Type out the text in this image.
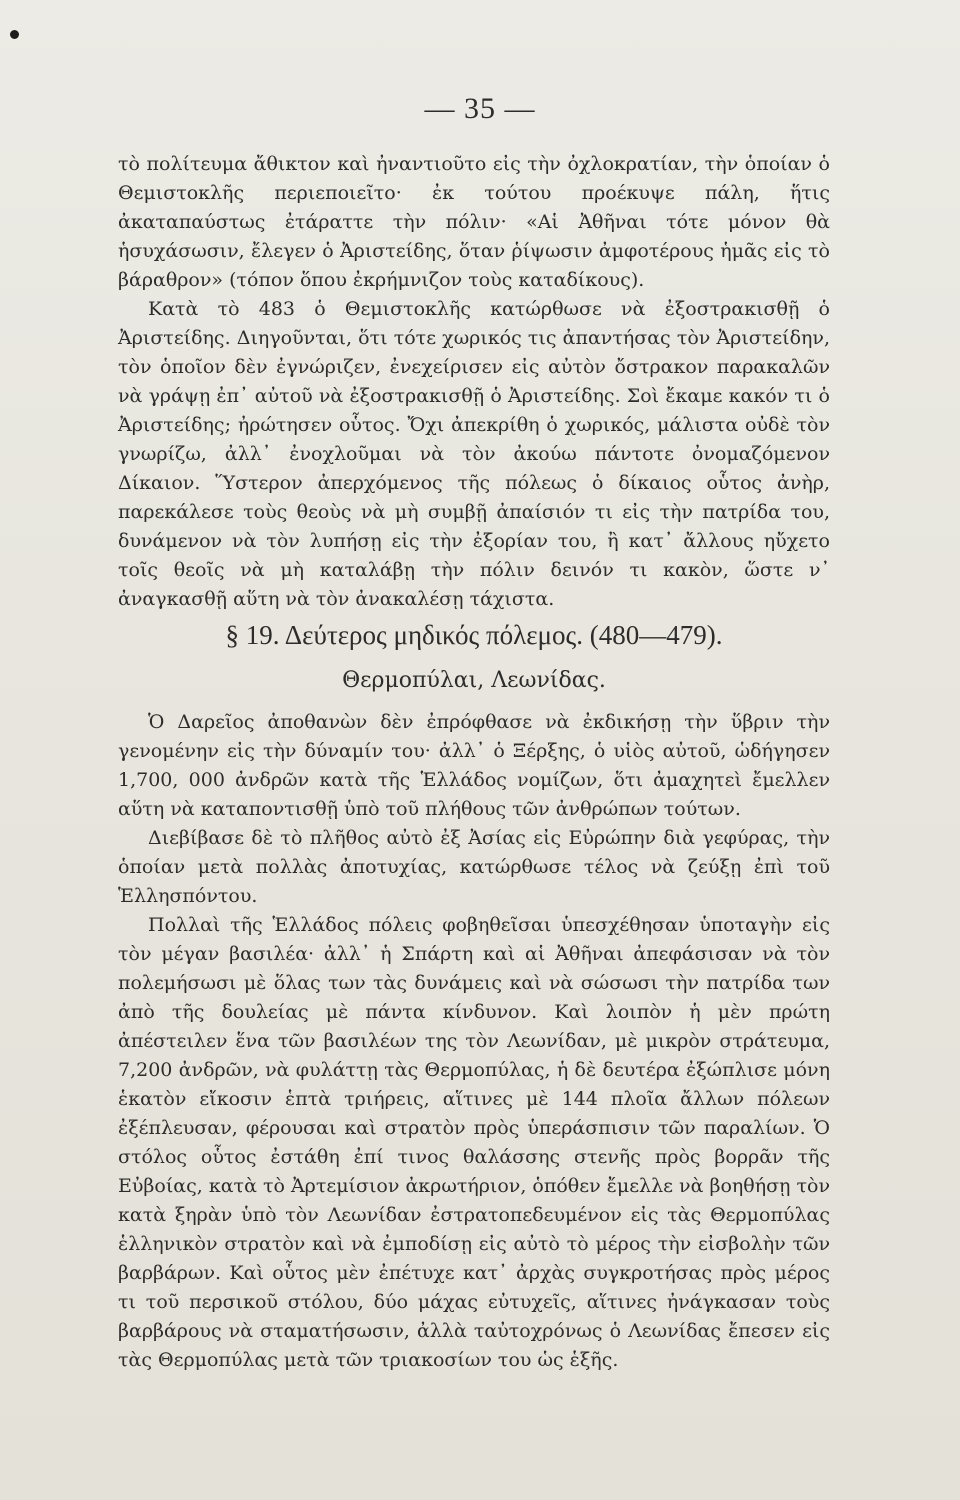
— 35 —

τὸ πολίτευμα ἄθικτον καὶ ἠναντιοῦτο εἰς τὴν ὀχλοκρατίαν, τὴν ὁποίαν ὁ Θεμιστοκλῆς περιεποιεῖτο· ἐκ τούτου προέκυψε πάλη, ἥτις ἀκαταπαύστως ἐτάραττε τὴν πόλιν· «Αἱ Ἀθῆναι τότε μόνον θὰ ἡσυχάσωσιν, ἔλεγεν ὁ Ἀριστείδης, ὅταν ῥίψωσιν ἀμφοτέρους ἡμᾶς εἰς τὸ βάραθρον» (τόπον ὅπου ἐκρήμνιζον τοὺς καταδίκους).

Κατὰ τὸ 483 ὁ Θεμιστοκλῆς κατώρθωσε νὰ ἐξοστρακισθῇ ὁ Ἀριστείδης. Διηγοῦνται, ὅτι τότε χωρικός τις ἀπαντήσας τὸν Ἀριστείδην, τὸν ὁποῖον δὲν ἐγνώριζεν, ἐνεχείρισεν εἰς αὐτὸν ὄστρακον παρακαλῶν νὰ γράψῃ ἐπ᾿ αὐτοῦ νὰ ἐξοστρακισθῇ ὁ Ἀριστείδης. Σοὶ ἔκαμε κακόν τι ὁ Ἀριστείδης; ἠρώτησεν οὗτος. Ὄχι ἀπεκρίθη ὁ χωρικός, μάλιστα οὐδὲ τὸν γνωρίζω, ἀλλ᾿ ἐνοχλοῦμαι νὰ τὸν ἀκούω πάντοτε ὀνομαζόμενον Δίκαιον. Ὕστερον ἀπερχόμενος τῆς πόλεως ὁ δίκαιος οὗτος ἀνὴρ, παρεκάλεσε τοὺς θεοὺς νὰ μὴ συμβῇ ἀπαίσιόν τι εἰς τὴν πατρίδα του, δυνάμενον νὰ τὸν λυπήσῃ εἰς τὴν ἐξορίαν του, ἢ κατ᾿ ἄλλους ηὔχετο τοῖς θεοῖς νὰ μὴ καταλάβῃ τὴν πόλιν δεινόν τι κακὸν, ὥστε ν᾿ ἀναγκασθῇ αὕτη νὰ τὸν ἀνακαλέσῃ τάχιστα.

§ 19. Δεύτερος μηδικός πόλεμος. (480—479).
Θερμοπύλαι, Λεωνίδας.

Ὁ Δαρεῖος ἀποθανὼν δὲν ἐπρόφθασε νὰ ἐκδικήσῃ τὴν ὕβριν τὴν γενομένην εἰς τὴν δύναμίν του· ἀλλ᾿ ὁ Ξέρξης, ὁ υἱὸς αὐτοῦ, ὡδήγησεν 1,700, 000 ἀνδρῶν κατὰ τῆς Ἑλλάδος νομίζων, ὅτι ἀμαχητεὶ ἔμελλεν αὕτη νὰ καταποντισθῇ ὑπὸ τοῦ πλήθους τῶν ἀνθρώπων τούτων.

Διεβίβασε δὲ τὸ πλῆθος αὐτὸ ἐξ Ἀσίας εἰς Εὐρώπην διὰ γεφύρας, τὴν ὁποίαν μετὰ πολλὰς ἀποτυχίας, κατώρθωσε τέλος νὰ ζεύξῃ ἐπὶ τοῦ Ἑλλησπόντου.

Πολλαὶ τῆς Ἑλλάδος πόλεις φοβηθεῖσαι ὑπεσχέθησαν ὑποταγὴν εἰς τὸν μέγαν βασιλέα· ἀλλ᾿ ἡ Σπάρτη καὶ αἱ Ἀθῆναι ἀπεφάσισαν νὰ τὸν πολεμήσωσι μὲ ὅλας των τὰς δυνάμεις καὶ νὰ σώσωσι τὴν πατρίδα των ἀπὸ τῆς δουλείας μὲ πάντα κίνδυνον. Καὶ λοιπὸν ἡ μὲν πρώτη ἀπέστειλεν ἕνα τῶν βασιλέων της τὸν Λεωνίδαν, μὲ μικρὸν στράτευμα, 7,200 ἀνδρῶν, νὰ φυλάττῃ τὰς Θερμοπύλας, ἡ δὲ δευτέρα ἐξώπλισε μόνη ἑκατὸν εἴκοσιν ἑπτὰ τριήρεις, αἵτινες μὲ 144 πλοῖα ἄλλων πόλεων ἐξέπλευσαν, φέρουσαι καὶ στρατὸν πρὸς ὑπεράσπισιν τῶν παραλίων. Ὁ στόλος οὗτος ἐστάθη ἐπί τινος θαλάσσης στενῆς πρὸς βορρᾶν τῆς Εὐβοίας, κατὰ τὸ Ἀρτεμίσιον ἀκρωτήριον, ὁπόθεν ἔμελλε νὰ βοηθήσῃ τὸν κατὰ ξηρὰν ὑπὸ τὸν Λεωνίδαν ἐστρατοπεδευμένον εἰς τὰς Θερμοπύλας ἑλληνικὸν στρατὸν καὶ νὰ ἐμποδίσῃ εἰς αὐτὸ τὸ μέρος τὴν εἰσβολὴν τῶν βαρβάρων. Καὶ οὗτος μὲν ἐπέτυχε κατ᾿ ἀρχὰς συγκροτήσας πρὸς μέρος τι τοῦ περσικοῦ στόλου, δύο μάχας εὐτυχεῖς, αἵτινες ἠνάγκασαν τοὺς βαρβάρους νὰ σταματήσωσιν, ἀλλὰ ταὐτοχρόνως ὁ Λεωνίδας ἔπεσεν εἰς τὰς Θερμοπύλας μετὰ τῶν τριακοσίων του ὡς ἑξῆς.
